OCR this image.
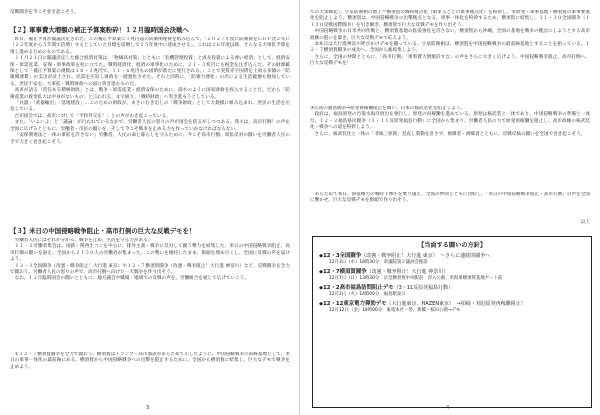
反戦闘争を今こそ巻き起こそう。

【２】軍事費大増額の補正予算案粉砕！１２月臨時国会決戦へ

昨日、補正予算が閣議決定された。この補正予算案に１兆円超の防衛関連費を組み込んで、「２０２７年度に防衛費をＧＤＰ比２％に（２２年度から５年間で倍増）するとしていた目標を前倒しで２５年度中に達成させる」。これは２６年度以降、さらなる大軍拡予算を推し進めるためのものである。

１１月２１日に閣議決定した総合経済対策は、「物価高対策」とともに「危機管理投資」と成長投資による強い経済」として、経済安保・軍需産業、安保・軍事政策を柱に立てた。戦時経済化、経済の軍事化のために、２１・３兆円にも税金を注ぎ込んだ。その財源確保として「補正予算案の規模は１８・３兆円で、１１・６兆円もの国債が新たに発行される。」ことで実質赤字国債を上回る多額の「防衛関連費」の支出が計上され、民需を圧迫し財政を一層悪化させた。それと同時に、「防衛力強化」の名による生活破壊も増加している。庶民不安を、大軍拡・戦時財政への道に突き進むものだ。

高市が語る「責任ある積極財政」とは、戦争・軍需産業・経済安保のために、湯水のように国家財政を投入することだ。だから「防衛産業の資金拡大は中身がないもの」と言われる。文字通り、「戦時財政」へ突き進もうとしている。

「兵器」「武器輸出」「基地建設」…このための財政が、まさにむき出しの「戦争財政」として大規模に組み込まれ、庶民の生活を圧迫している。

だが国会では、高市に対して「平和外交を！」との声がわき起こっている。

また、「いよいよ」と「議論」が行われているなかで、労働者人民の怒りの声が国会を揺るがしつつある。我々は、高市打倒！の声を全国に広げるとともに、労働者・市民の闘いを、そして今こそ戦争を止める力を作っていかなければならない。

「安保関連法と一体の軍拡を許さない」労働者、人民の命と暮らしを守るために、今こそ高市打倒、軍拡反対の闘いを労働者人民の手で大きく巻き起こそう。

【３】米日の中国侵略戦争阻止・高市打倒の巨大な反戦デモを！

労働者人民にはそれが分かる。戦争を止め、生活を守る力がある。

１１・２労働者集会は、国鉄・関西生コンを中心に、排外主義・戦争に反対して闘う勢力を結集した。米日の中国侵略戦争阻止、高市打倒の闘いを訴え、全国から２１５０人の労働者が集まった。この勢いを維持したまま、街頭を埋め尽くし、全国に反戦の声を届けよう。

１２・３全国闘争（改憲・戦争阻止！大行進 東京）や１２・７横須賀闘争（改憲・戦争阻止！大行進 神奈川）など、反戦闘争を全力で闘おう。労働者人民の怒りの声で、高市打倒へ向けた一大闘争を作り出そう。

なお、１２月臨時国会の闘いとともに、地方議会や職場・地域での反戦の声を、労働組合を通じて広げていこう。

①１２・７横須賀闘争を全力で闘おう。横須賀はトランプ・高市演説があらためて示したように、中国侵略戦争の前線基地として、米日の軍事一体化の最前線にある。横須賀から中国侵略戦争への出撃を阻止するために、全国から横須賀に結集し、巨大なデモで戦争を止めよう。

3

での大衆蜂起」、小泉防衛相の地上＝横須賀の戦時拠点化（街まるごとの軍事拠点化）を粉砕し、米原発・軍事基地・横須賀の軍事要塞化を阻止しよう。横須賀は、中国侵略戦争の出撃拠点となる。軍事一体化を粉砕するため、横須賀に結集し、１１・３０全国闘争（１１３０反戦国際闘争）を引き継ぎ、横須賀で巨大な反戦デモを作り出そう。

中国侵略戦争の日米共同作戦と、横須賀基地の拡張強化を許さない。横須賀から沖縄、全国の基地を戦争の拠点にしようとする高市政権の狙いを暴き、巨大な反戦デモで応えよう。

②本日は大行進神奈川呼びかけデモを闘っている。小泉防衛相は、横須賀を中国侵略戦争の最前線基地とすることを狙っている。１２・７横須賀闘争の成功へ、全国から総結集しよう。

さらに、全国の仲間とともに、「高市打倒」「軍事費大増額許すな」の声をさらに大きく広げよう。中国侵略戦争阻止、高市打倒へ、巨大な反戦デモを！

③広島の福島闘争→原発再稼働阻止を闘い、日本の核武装化を阻止しよう。

政府は、福島原発の汚染水海洋放出を強行し、原発の再稼働を進めている。原発は核武装と一体であり、中国侵略戦争の準備と一体だ。１２・２福島県民闘争（３・１１反原発福島行動）に全国から集まり、労働者人民の力で原発再稼働を阻止し、高市政権の核武装化・戦争への道を粉砕しよう。

さらに、核武装化と一体の「非核三原則」見直し策動を許さず、被爆者・被曝者とともに、反戦反核の闘いを全国で巻き起こそう。

あらためて本日、国家権力の戦時下弾圧を乗り越え、全国の仲間とともに団結し、「米日の中国侵略戦争阻止・高市打倒」の声を全国に響かせ、巨大な反戦デモを街頭で作り出そう。

以上
【当面する闘いの方針】
◆12・3全国闘争（改憲・戦争阻止！大行進 東京）　～さらに連続的闘争へ
12月3日（水）18時30分　衆議院第２議員会館前
◆12・7横須賀闘争（改憲・戦争阻止！大行進 神奈川）
12月7日（日）13時30分　京急横須賀中央駅前　汐入公園、米海軍横須賀基地ゲート前
◆12・2高市福島訪問阻止デモ（3・11反原発福島行動）
12月2日（火）14時00分　福島駅東口
◆12・12東京電力弾劾デモ（大行進東京、HAZEN東京）　→柏崎・刈羽原発再稼働阻止！
12月12日（金）18時00分　東電本社一帯、新橋・桜田公園→デモ
4
